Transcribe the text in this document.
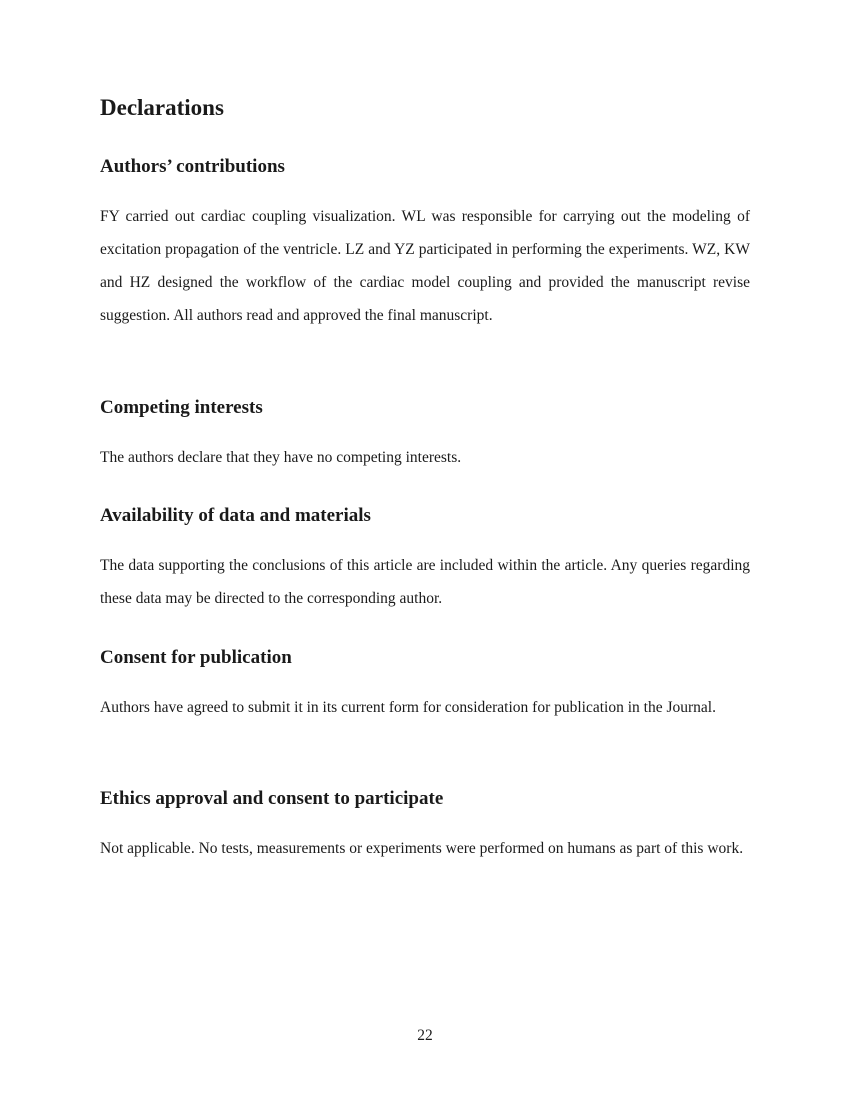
Declarations
Authors’ contributions

FY carried out cardiac coupling visualization. WL was responsible for carrying out the modeling of excitation propagation of the ventricle. LZ and YZ participated in performing the experiments. WZ, KW and HZ designed the workflow of the cardiac model coupling and provided the manuscript revise suggestion. All authors read and approved the final manuscript.

Competing interests

The authors declare that they have no competing interests.

Availability of data and materials

The data supporting the conclusions of this article are included within the article. Any queries regarding these data may be directed to the corresponding author.

Consent for publication

Authors have agreed to submit it in its current form for consideration for publication in the Journal.

Ethics approval and consent to participate

Not applicable. No tests, measurements or experiments were performed on humans as part of this work.

22
